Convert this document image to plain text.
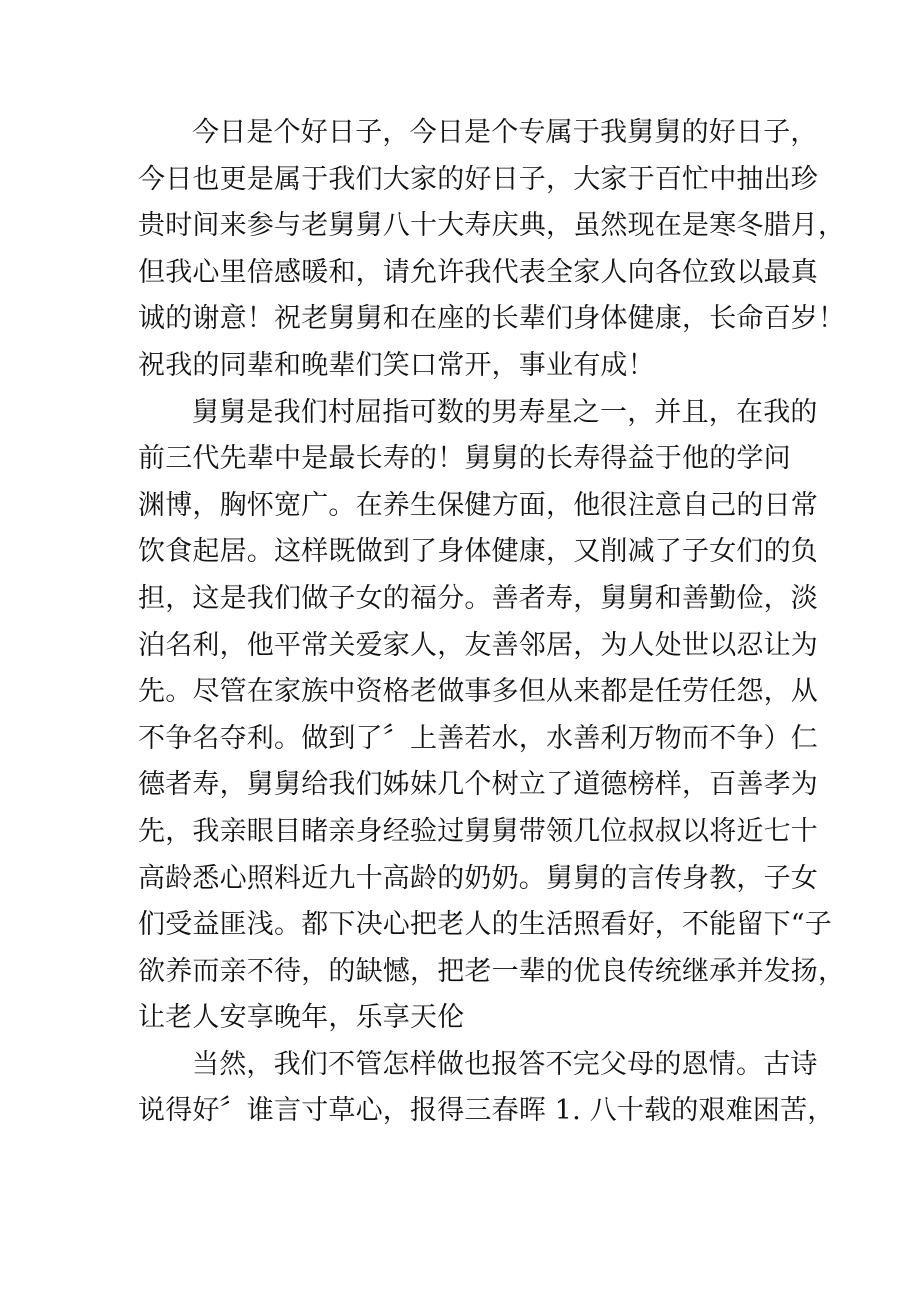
今日是个好日子，今日是个专属于我舅舅的好日子，
今日也更是属于我们大家的好日子，大家于百忙中抽出珍
贵时间来参与老舅舅八十大寿庆典，虽然现在是寒冬腊月，
但我心里倍感暖和，请允许我代表全家人向各位致以最真
诚的谢意！祝老舅舅和在座的长辈们身体健康，长命百岁！
祝我的同辈和晚辈们笑口常开，事业有成！
舅舅是我们村屈指可数的男寿星之一，并且，在我的
前三代先辈中是最长寿的！舅舅的长寿得益于他的学问
渊博，胸怀宽广。在养生保健方面，他很注意自己的日常
饮食起居。这样既做到了身体健康，又削减了子女们的负
担，这是我们做子女的福分。善者寿，舅舅和善勤俭，淡
泊名利，他平常关爱家人，友善邻居，为人处世以忍让为
先。尽管在家族中资格老做事多但从来都是任劳任怨，从
不争名夺利。做到了〞上善若水，水善利万物而不争）仁
德者寿，舅舅给我们姊妹几个树立了道德榜样，百善孝为
先，我亲眼目睹亲身经验过舅舅带领几位叔叔以将近七十
高龄悉心照料近九十高龄的奶奶。舅舅的言传身教，子女
们受益匪浅。都下决心把老人的生活照看好，不能留下“子
欲养而亲不待，的缺憾，把老一辈的优良传统继承并发扬，
让老人安享晚年，乐享天伦
当然，我们不管怎样做也报答不完父母的恩情。古诗
说得好〞谁言寸草心，报得三春晖 1. 八十载的艰难困苦，
